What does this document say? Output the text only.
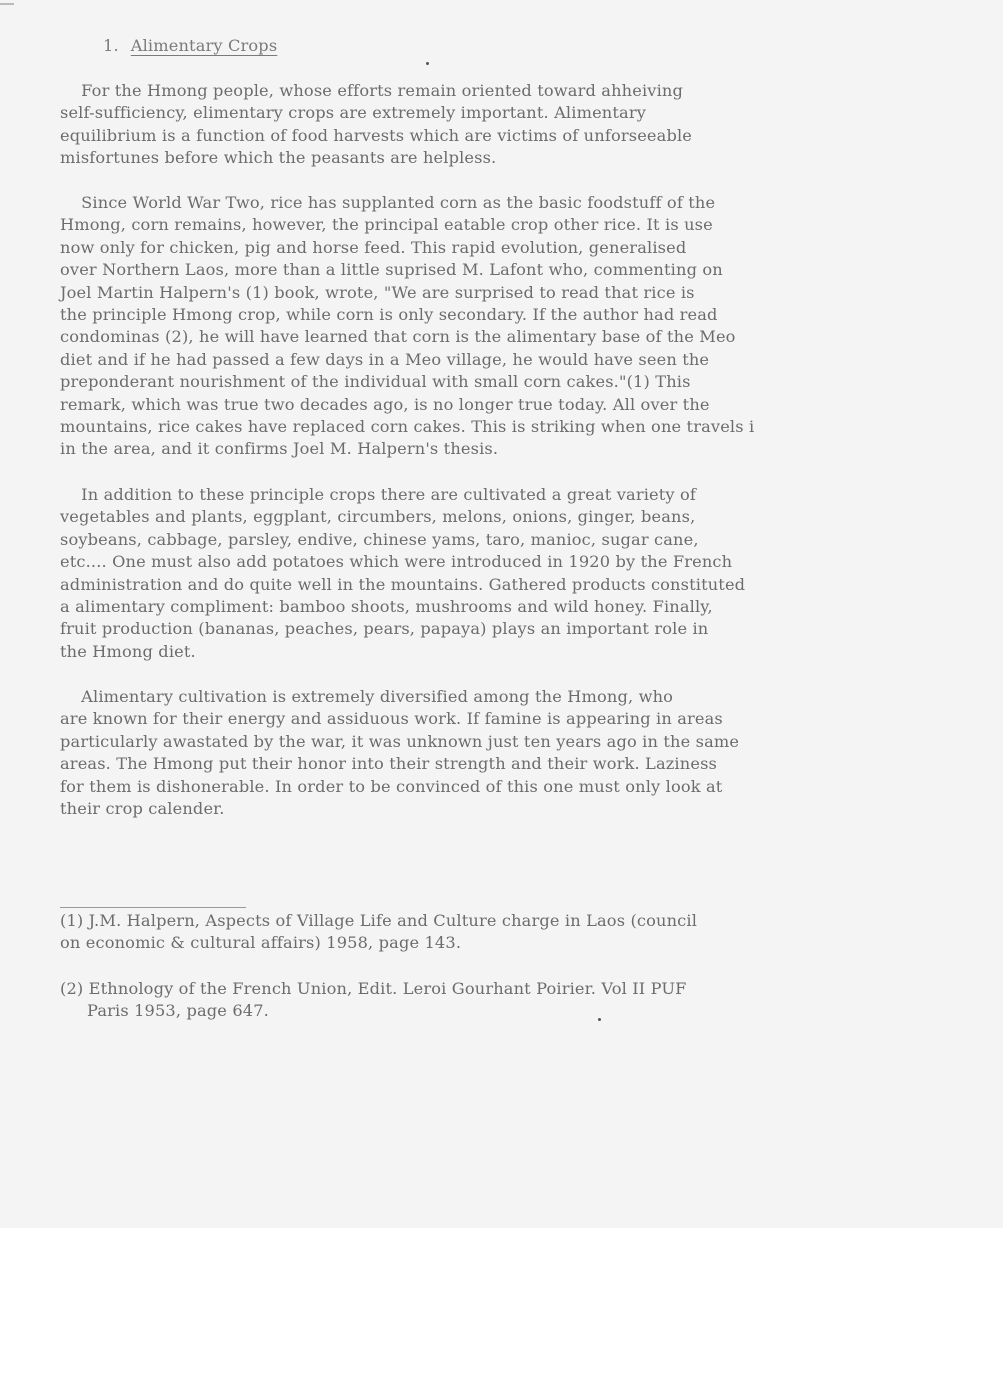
1. Alimentary Crops
For the Hmong people, whose efforts remain oriented toward ahheiving
self-sufficiency, elimentary crops are extremely important. Alimentary
equilibrium is a function of food harvests which are victims of unforseeable
misfortunes before which the peasants are helpless.
Since World War Two, rice has supplanted corn as the basic foodstuff of the
Hmong, corn remains, however, the principal eatable crop other rice. It is use
now only for chicken, pig and horse feed. This rapid evolution, generalised
over Northern Laos, more than a little suprised M. Lafont who, commenting on
Joel Martin Halpern's (1) book, wrote, "We are surprised to read that rice is
the principle Hmong crop, while corn is only secondary. If the author had read
condominas (2), he will have learned that corn is the alimentary base of the Meo
diet and if he had passed a few days in a Meo village, he would have seen the
preponderant nourishment of the individual with small corn cakes."(1) This
remark, which was true two decades ago, is no longer true today. All over the
mountains, rice cakes have replaced corn cakes. This is striking when one travels i
in the area, and it confirms Joel M. Halpern's thesis.
In addition to these principle crops there are cultivated a great variety of
vegetables and plants, eggplant, circumbers, melons, onions, ginger, beans,
soybeans, cabbage, parsley, endive, chinese yams, taro, manioc, sugar cane,
etc.... One must also add potatoes which were introduced in 1920 by the French
administration and do quite well in the mountains. Gathered products constituted
a alimentary compliment: bamboo shoots, mushrooms and wild honey. Finally,
fruit production (bananas, peaches, pears, papaya) plays an important role in
the Hmong diet.
Alimentary cultivation is extremely diversified among the Hmong, who
are known for their energy and assiduous work. If famine is appearing in areas
particularly awastated by the war, it was unknown just ten years ago in the same
areas. The Hmong put their honor into their strength and their work. Laziness
for them is dishonerable. In order to be convinced of this one must only look at
their crop calender.
(1) J.M. Halpern, Aspects of Village Life and Culture charge in Laos (council
on economic & cultural affairs) 1958, page 143.
(2) Ethnology of the French Union, Edit. Leroi Gourhant Poirier. Vol II PUF
Paris 1953, page 647.
